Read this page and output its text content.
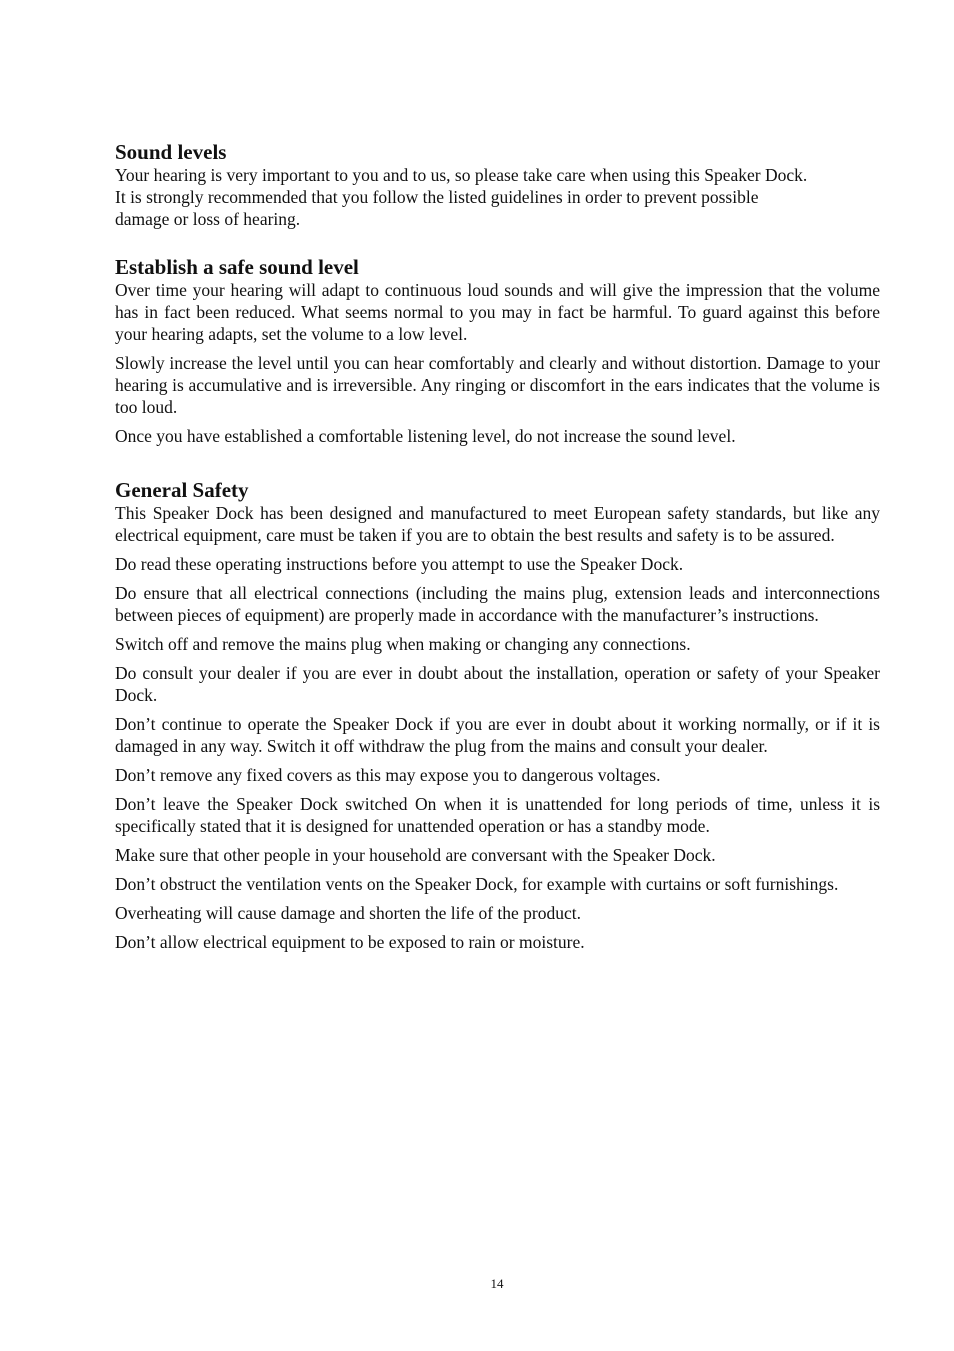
Sound levels

Your hearing is very important to you and to us, so please take care when using this Speaker Dock.
It is strongly recommended that you follow the listed guidelines in order to prevent possible
damage or loss of hearing.

Establish a safe sound level

Over time your hearing will adapt to continuous loud sounds and will give the impression that the volume has in fact been reduced. What seems normal to you may in fact be harmful. To guard against this before your hearing adapts, set the volume to a low level.

Slowly increase the level until you can hear comfortably and clearly and without distortion. Damage to your hearing is accumulative and is irreversible. Any ringing or discomfort in the ears indicates that the volume is too loud.

Once you have established a comfortable listening level, do not increase the sound level.

General Safety

This Speaker Dock has been designed and manufactured to meet European safety standards, but like any electrical equipment, care must be taken if you are to obtain the best results and safety is to be assured.

Do read these operating instructions before you attempt to use the Speaker Dock.

Do ensure that all electrical connections (including the mains plug, extension leads and interconnections between pieces of equipment) are properly made in accordance with the manufacturer’s instructions.

Switch off and remove the mains plug when making or changing any connections.

Do consult your dealer if you are ever in doubt about the installation, operation or safety of your Speaker Dock.

Don’t continue to operate the Speaker Dock if you are ever in doubt about it working normally, or if it is damaged in any way. Switch it off withdraw the plug from the mains and consult your dealer.

Don’t remove any fixed covers as this may expose you to dangerous voltages.

Don’t leave the Speaker Dock switched On when it is unattended for long periods of time, unless it is specifically stated that it is designed for unattended operation or has a standby mode.

Make sure that other people in your household are conversant with the Speaker Dock.

Don’t obstruct the ventilation vents on the Speaker Dock, for example with curtains or soft furnishings.

Overheating will cause damage and shorten the life of the product.

Don’t allow electrical equipment to be exposed to rain or moisture.

14
